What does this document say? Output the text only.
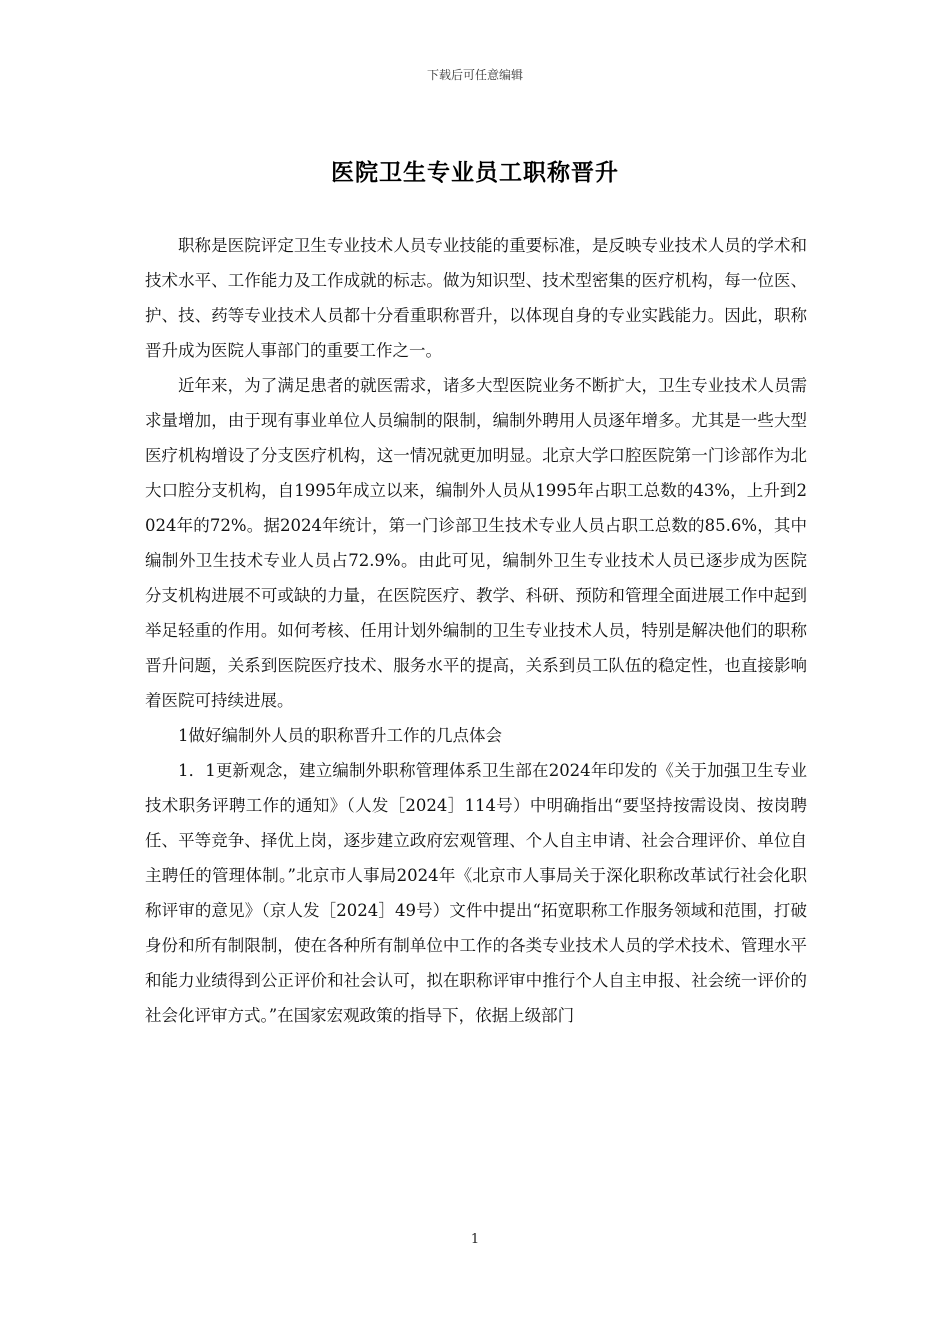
下载后可任意编辑
医院卫生专业员工职称晋升

职称是医院评定卫生专业技术人员专业技能的重要标准，是反映专业技术人员的学术和技术水平、工作能力及工作成就的标志。做为知识型、技术型密集的医疗机构，每一位医、护、技、药等专业技术人员都十分看重职称晋升，以体现自身的专业实践能力。因此，职称晋升成为医院人事部门的重要工作之一。

近年来，为了满足患者的就医需求，诸多大型医院业务不断扩大，卫生专业技术人员需求量增加，由于现有事业单位人员编制的限制，编制外聘用人员逐年增多。尤其是一些大型医疗机构增设了分支医疗机构，这一情况就更加明显。北京大学口腔医院第一门诊部作为北大口腔分支机构，自1995年成立以来，编制外人员从1995年占职工总数的43%，上升到2024年的72%。据2024年统计，第一门诊部卫生技术专业人员占职工总数的85.6%，其中编制外卫生技术专业人员占72.9%。由此可见，编制外卫生专业技术人员已逐步成为医院分支机构进展不可或缺的力量，在医院医疗、教学、科研、预防和管理全面进展工作中起到举足轻重的作用。如何考核、任用计划外编制的卫生专业技术人员，特别是解决他们的职称晋升问题，关系到医院医疗技术、服务水平的提高，关系到员工队伍的稳定性，也直接影响着医院可持续进展。

1做好编制外人员的职称晋升工作的几点体会

1．1更新观念，建立编制外职称管理体系卫生部在2024年印发的《关于加强卫生专业技术职务评聘工作的通知》（人发［2024］114号）中明确指出“要坚持按需设岗、按岗聘任、平等竞争、择优上岗，逐步建立政府宏观管理、个人自主申请、社会合理评价、单位自主聘任的管理体制。”北京市人事局2024年《北京市人事局关于深化职称改革试行社会化职称评审的意见》（京人发［2024］49号）文件中提出“拓宽职称工作服务领域和范围，打破身份和所有制限制，使在各种所有制单位中工作的各类专业技术人员的学术技术、管理水平和能力业绩得到公正评价和社会认可，拟在职称评审中推行个人自主申报、社会统一评价的社会化评审方式。”在国家宏观政策的指导下，依据上级部门

1
